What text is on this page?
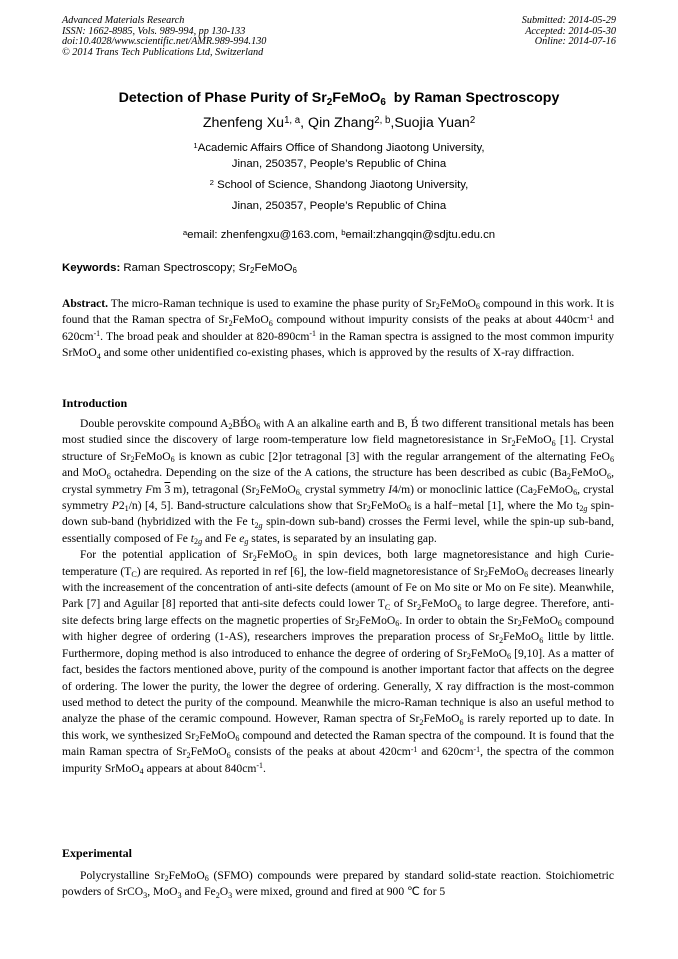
Advanced Materials Research
ISSN: 1662-8985, Vols. 989-994, pp 130-133
doi:10.4028/www.scientific.net/AMR.989-994.130
© 2014 Trans Tech Publications Ltd, Switzerland
Submitted: 2014-05-29
Accepted: 2014-05-30
Online: 2014-07-16
Detection of Phase Purity of $Sr_2FeMoO_6$  by Raman Spectroscopy
Zhenfeng Xu$^{1, a}$, Qin Zhang$^{2, b}$,Suojia Yuan$^2$
$^1$Academic Affairs Office of Shandong Jiaotong University,
Jinan, 250357, People’s Republic of China
$^2$ School of Science, Shandong Jiaotong University,
Jinan, 250357, People’s Republic of China
$^a$email: zhenfengxu@163.com, $^b$email:zhangqin@sdjtu.edu.cn
Keywords: Raman Spectroscopy; $Sr_2FeMoO_6$

Abstract. The micro-Raman technique is used to examine the phase purity of $Sr_2FeMoO_6$ compound in this work. It is found that the Raman spectra of $Sr_2FeMoO_6$ compound without impurity consists of the peaks at about $440cm^{-1}$ and $620cm^{-1}$. The broad peak and shoulder at $820-890cm^{-1}$ in the Raman spectra is assigned to the most common impurity SrMoO$_4$ and some other unidentified co-existing phases, which is approved by the results of X-ray diffraction.

Introduction

Double perovskite compound $A_2BB́O_6$ with A an alkaline earth and B, B́ two different transitional metals has been most studied since the discovery of large room-temperature low field magnetoresistance in $Sr_2FeMoO_6$ [1]. Crystal structure of $Sr_2FeMoO_6$ is known as cubic [2]or tetragonal [3] with the regular arrangement of the alternating FeO$_6$ and MoO$_6$ octahedra. Depending on the size of the A cations, the structure has been described as cubic ($Ba_2FeMoO_6$, crystal symmetry Fm 3 m), tetragonal ($Sr_2FeMoO_{6,}$ crystal symmetry I4/m) or monoclinic lattice ($Ca_2FeMoO_6$, crystal symmetry $P2_1/n$) [4, 5]. Band-structure calculations show that $Sr_2FeMoO_6$ is a half−metal [1], where the Mo $t_{2g}$ spin-down sub-band (hybridized with the Fe $t_{2g}$ spin-down sub-band) crosses the Fermi level, while the spin-up sub-band, essentially composed of Fe $t_{2g}$ and Fe $e_g$ states, is separated by an insulating gap.

For the potential application of $Sr_2FeMoO_6$ in spin devices, both large magnetoresistance and high Curie-temperature $(T_C)$ are required. As reported in ref [6], the low-field magnetoresistance of $Sr_2FeMoO_6$ decreases linearly with the increasement of the concentration of anti-site defects (amount of Fe on Mo site or Mo on Fe site). Meanwhile, Park [7] and Aguilar [8] reported that anti-site defects could lower $T_C$ of $Sr_2FeMoO_6$ to large degree. Therefore, anti-site defects bring large effects on the magnetic properties of $Sr_2FeMoO_6$. In order to obtain the $Sr_2FeMoO_6$ compound with higher degree of ordering (1-AS), researchers improves the preparation process of $Sr_2FeMoO_6$ little by little. Furthermore, doping method is also introduced to enhance the degree of ordering of $Sr_2FeMoO_6$ [9,10]. As a matter of fact, besides the factors mentioned above, purity of the compound is another important factor that affects on the degree of ordering. The lower the purity, the lower the degree of ordering. Generally, X ray diffraction is the most-common used method to detect the purity of the compound. Meanwhile the micro-Raman technique is also an useful method to analyze the phase of the ceramic compound. However, Raman spectra of $Sr_2FeMoO_6$ is rarely reported up to date. In this work, we synthesized $Sr_2FeMoO_6$ compound and detected the Raman spectra of the compound. It is found that the main Raman spectra of $Sr_2FeMoO_6$ consists of the peaks at about $420cm^{-1}$ and $620cm^{-1}$, the spectra of the common impurity SrMoO$_4$ appears at about $840cm^{-1}$.

Experimental

Polycrystalline $Sr_2FeMoO_6$ (SFMO) compounds were prepared by standard solid-state reaction. Stoichiometric powders of SrCO$_3$, MoO$_3$ and $Fe_2O_3$ were mixed, ground and fired at 900 ℃ for 5
